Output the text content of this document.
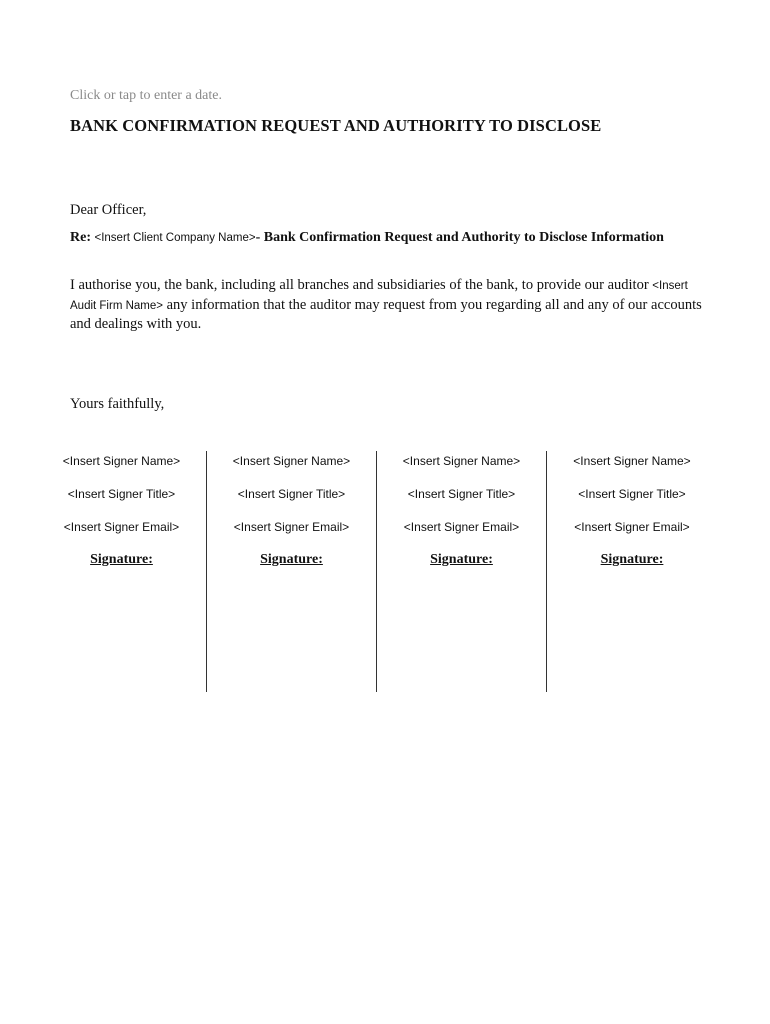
Click or tap to enter a date.
BANK CONFIRMATION REQUEST AND AUTHORITY TO DISCLOSE
Dear Officer,
Re: <Insert Client Company Name>- Bank Confirmation Request and Authority to Disclose Information
I authorise you, the bank, including all branches and subsidiaries of the bank, to provide our auditor <Insert Audit Firm Name> any information that the auditor may request from you regarding all and any of our accounts and dealings with you.
Yours faithfully,
<Insert Signer Name>
<Insert Signer Title>
<Insert Signer Email>
Signature:
<Insert Signer Name>
<Insert Signer Title>
<Insert Signer Email>
Signature:
<Insert Signer Name>
<Insert Signer Title>
<Insert Signer Email>
Signature:
<Insert Signer Name>
<Insert Signer Title>
<Insert Signer Email>
Signature:
